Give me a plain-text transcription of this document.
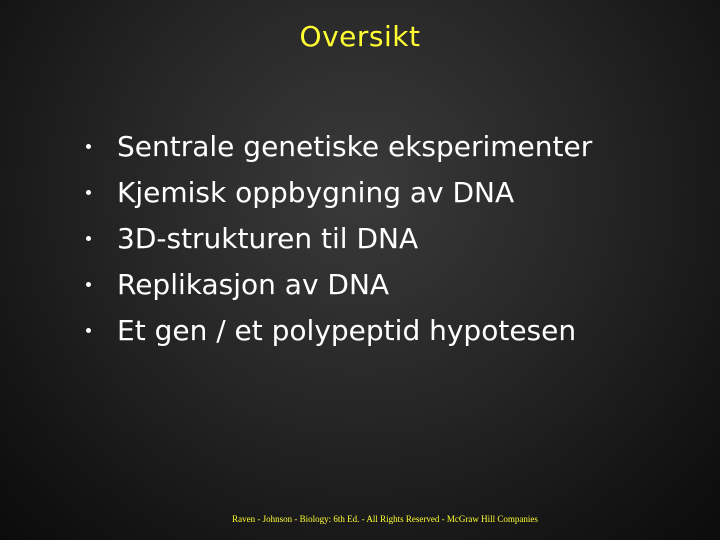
Oversikt
Sentrale genetiske eksperimenter
Kjemisk oppbygning av DNA
3D-strukturen til DNA
Replikasjon av DNA
Et gen / et polypeptid hypotesen
Raven - Johnson - Biology: 6th Ed. - All Rights Reserved - McGraw Hill Companies
